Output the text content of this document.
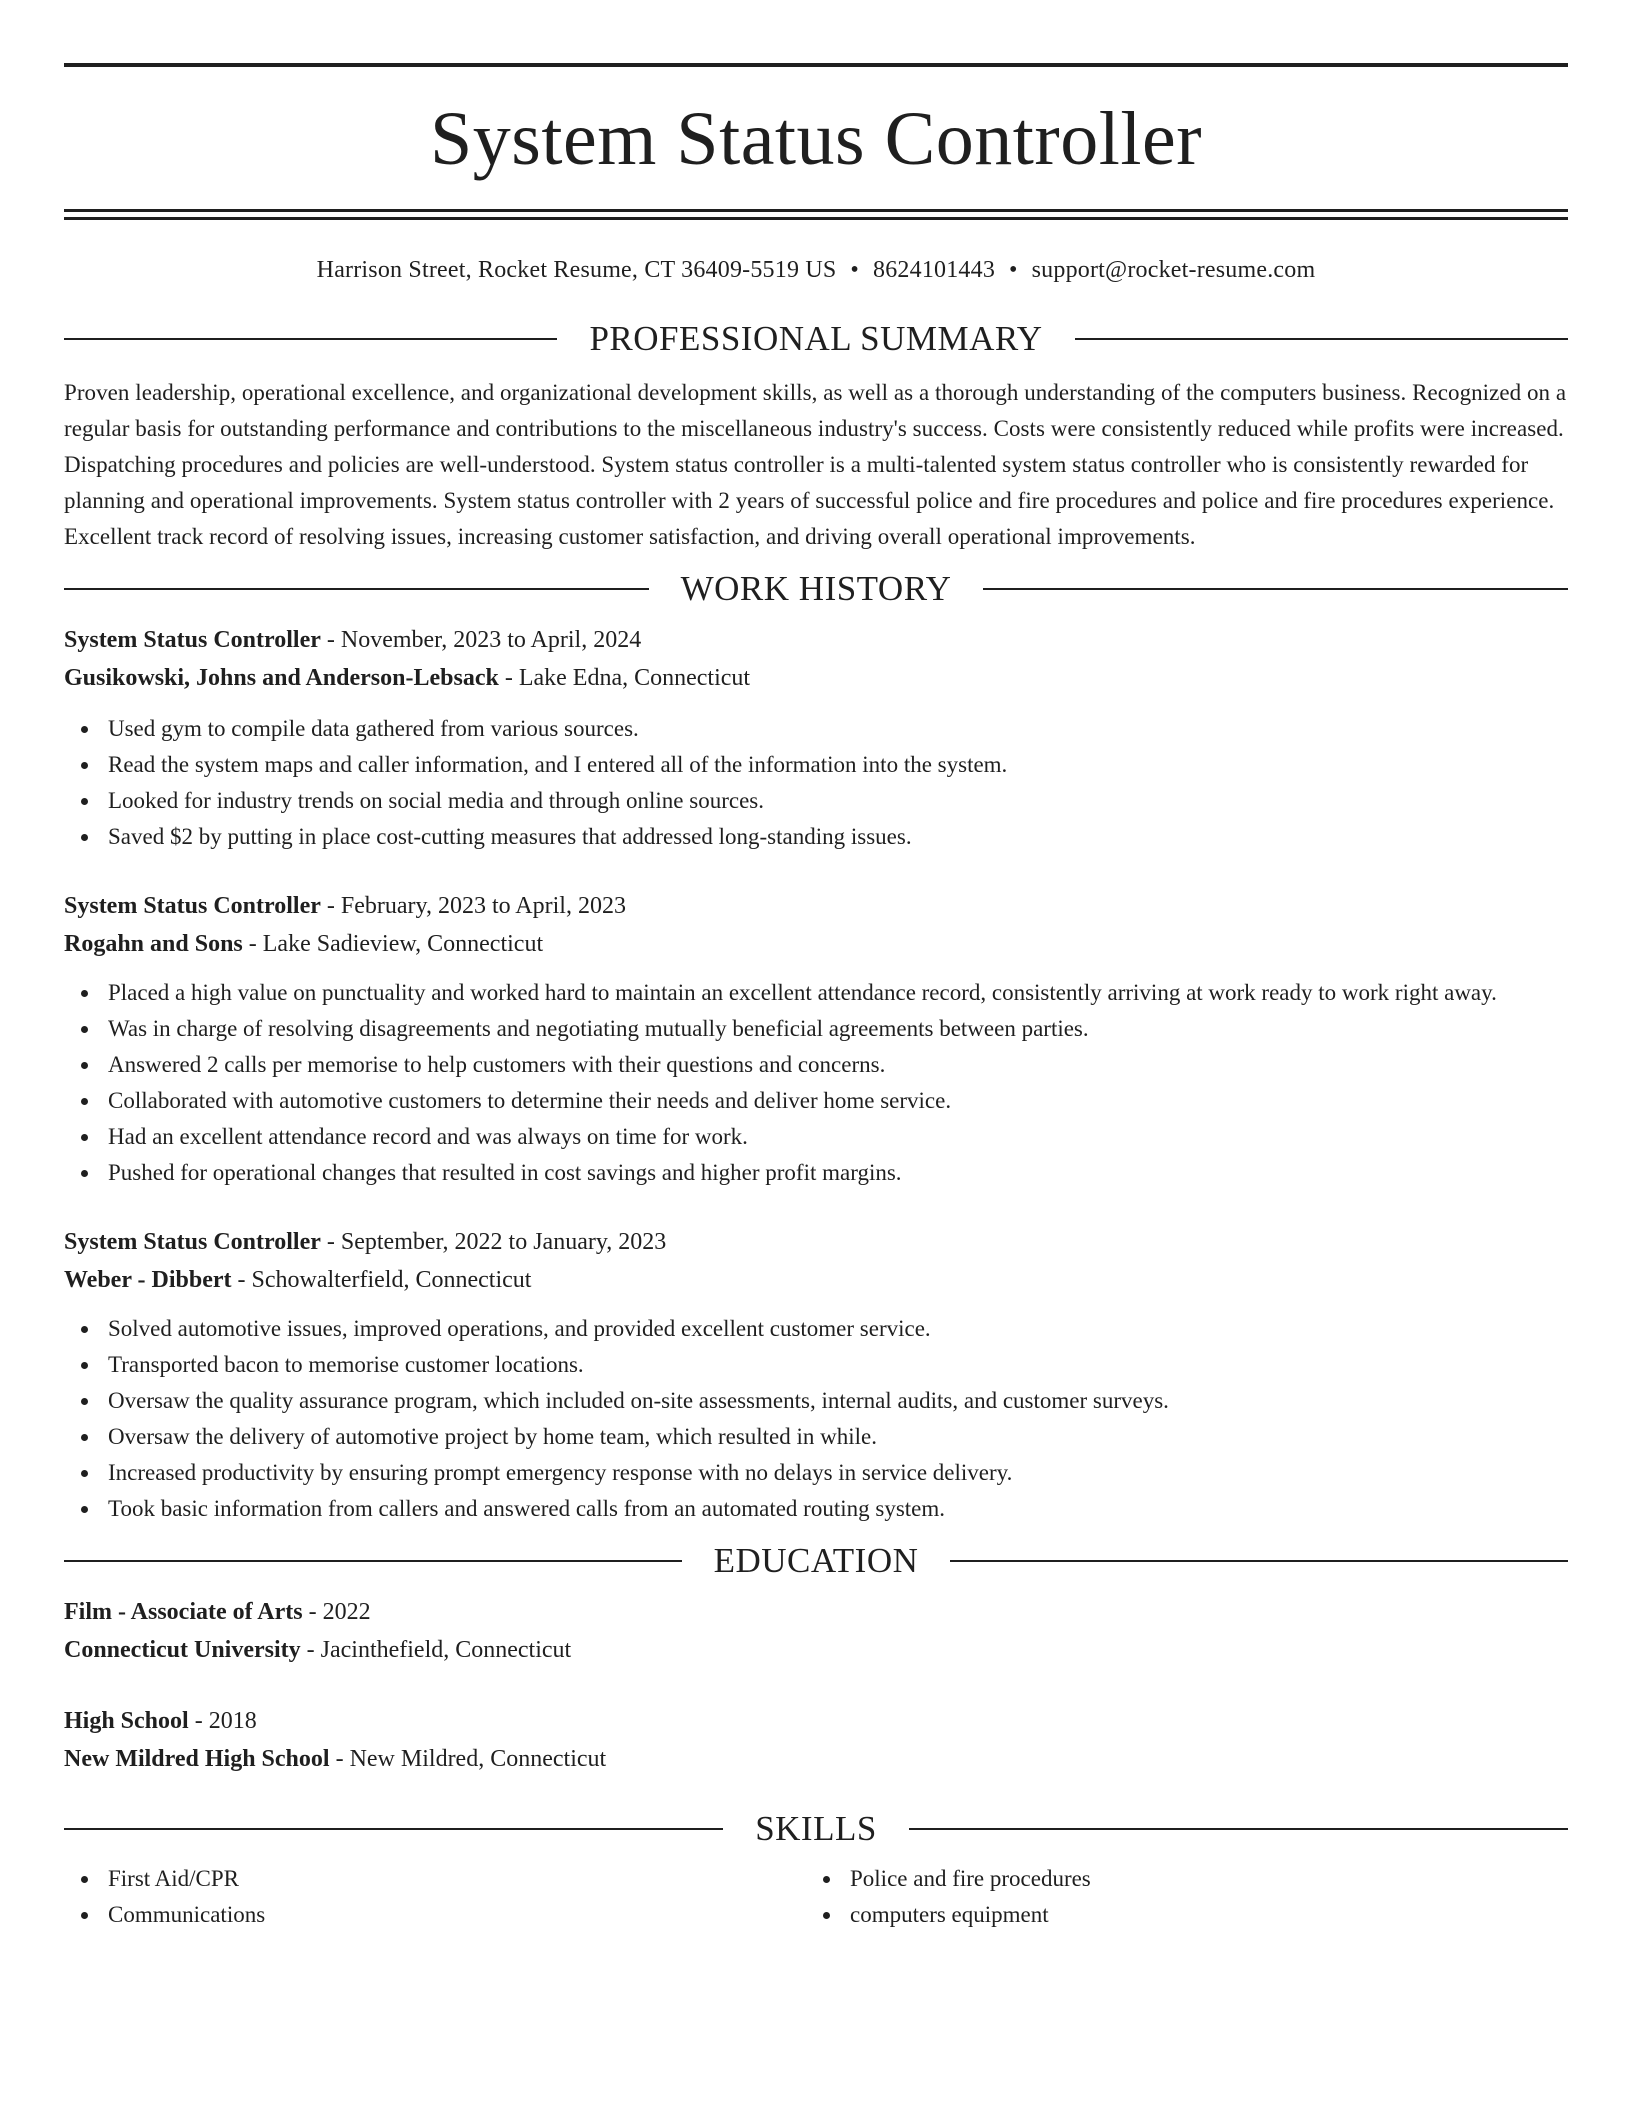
System Status Controller
Harrison Street, Rocket Resume, CT 36409-5519 US • 8624101443 • support@rocket-resume.com
PROFESSIONAL SUMMARY

Proven leadership, operational excellence, and organizational development skills, as well as a thorough understanding of the computers business. Recognized on a regular basis for outstanding performance and contributions to the miscellaneous industry's success. Costs were consistently reduced while profits were increased. Dispatching procedures and policies are well-understood. System status controller is a multi-talented system status controller who is consistently rewarded for planning and operational improvements. System status controller with 2 years of successful police and fire procedures and police and fire procedures experience. Excellent track record of resolving issues, increasing customer satisfaction, and driving overall operational improvements.

WORK HISTORY
System Status Controller - November, 2023 to April, 2024
Gusikowski, Johns and Anderson-Lebsack - Lake Edna, Connecticut
Used gym to compile data gathered from various sources.
Read the system maps and caller information, and I entered all of the information into the system.
Looked for industry trends on social media and through online sources.
Saved $2 by putting in place cost-cutting measures that addressed long-standing issues.
System Status Controller - February, 2023 to April, 2023
Rogahn and Sons - Lake Sadieview, Connecticut
Placed a high value on punctuality and worked hard to maintain an excellent attendance record, consistently arriving at work ready to work right away.
Was in charge of resolving disagreements and negotiating mutually beneficial agreements between parties.
Answered 2 calls per memorise to help customers with their questions and concerns.
Collaborated with automotive customers to determine their needs and deliver home service.
Had an excellent attendance record and was always on time for work.
Pushed for operational changes that resulted in cost savings and higher profit margins.
System Status Controller - September, 2022 to January, 2023
Weber - Dibbert - Schowalterfield, Connecticut
Solved automotive issues, improved operations, and provided excellent customer service.
Transported bacon to memorise customer locations.
Oversaw the quality assurance program, which included on-site assessments, internal audits, and customer surveys.
Oversaw the delivery of automotive project by home team, which resulted in while.
Increased productivity by ensuring prompt emergency response with no delays in service delivery.
Took basic information from callers and answered calls from an automated routing system.
EDUCATION
Film - Associate of Arts - 2022
Connecticut University - Jacinthefield, Connecticut
High School - 2018
New Mildred High School - New Mildred, Connecticut
SKILLS
First Aid/CPR
Communications
Police and fire procedures
computers equipment
